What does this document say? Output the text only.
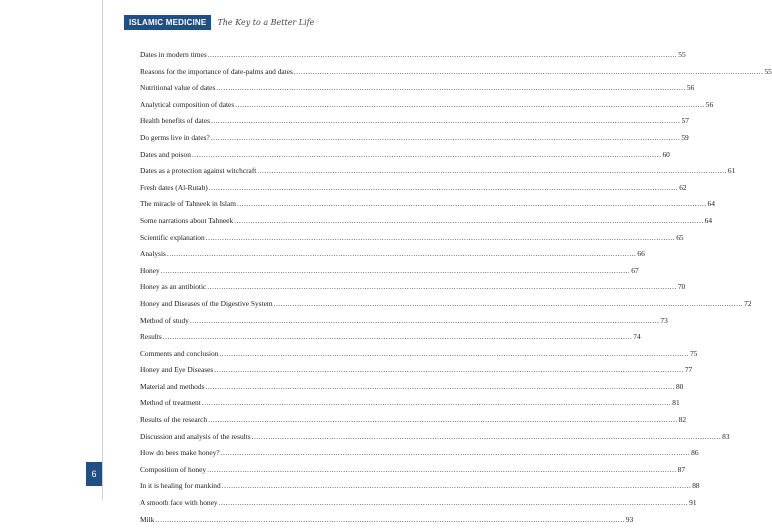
ISLAMIC MEDICINE	The Key to a Better Life
Dates in modern times .....	55
Reasons for the importance of date-palms and dates .....	55
Nutritional value of dates .....	56
Analytical composition of dates .....	56
Health benefits of dates .....	57
Do germs live in dates? .....	59
Dates and poison .....	60
Dates as a protection against witchcraft .....	61
Fresh dates (Al-Rutab) .....	62
The miracle of Tahneek in Islam .....	64
Some narrations about Tahneek .....	64
Scientific explanation .....	65
Analysis .....	66
Honey .....	67
Honey as an antibiotic .....	70
Honey and Diseases of the Digestive System .....	72
Method of study .....	73
Results .....	74
Comments and conclusion .....	75
Honey and Eye Diseases .....	77
Material and methods .....	80
Method of treatment .....	81
Results of the research .....	82
Discussion and analysis of the results .....	83
How do bees make honey? .....	86
Composition of honey .....	87
In it is healing for mankind .....	88
A smooth face with honey .....	91
Milk .....	93
6
